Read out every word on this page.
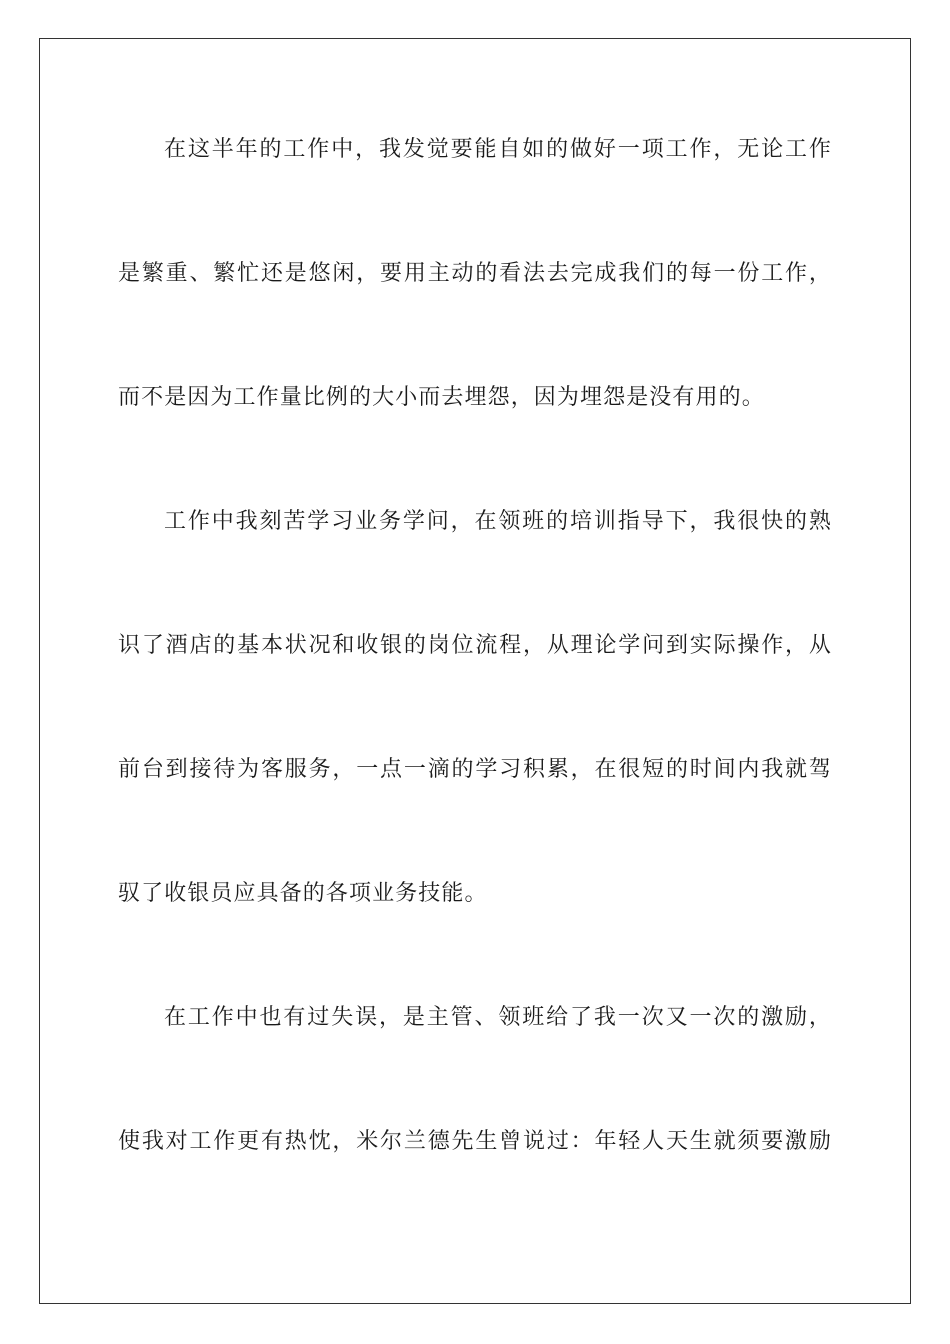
在这半年的工作中，我发觉要能自如的做好一项工作，无论工作
是繁重、繁忙还是悠闲，要用主动的看法去完成我们的每一份工作，
而不是因为工作量比例的大小而去埋怨，因为埋怨是没有用的。
工作中我刻苦学习业务学问，在领班的培训指导下，我很快的熟
识了酒店的基本状况和收银的岗位流程，从理论学问到实际操作，从
前台到接待为客服务，一点一滴的学习积累，在很短的时间内我就驾
驭了收银员应具备的各项业务技能。
在工作中也有过失误，是主管、领班给了我一次又一次的激励，
使我对工作更有热忱，米尔兰德先生曾说过：年轻人天生就须要激励
